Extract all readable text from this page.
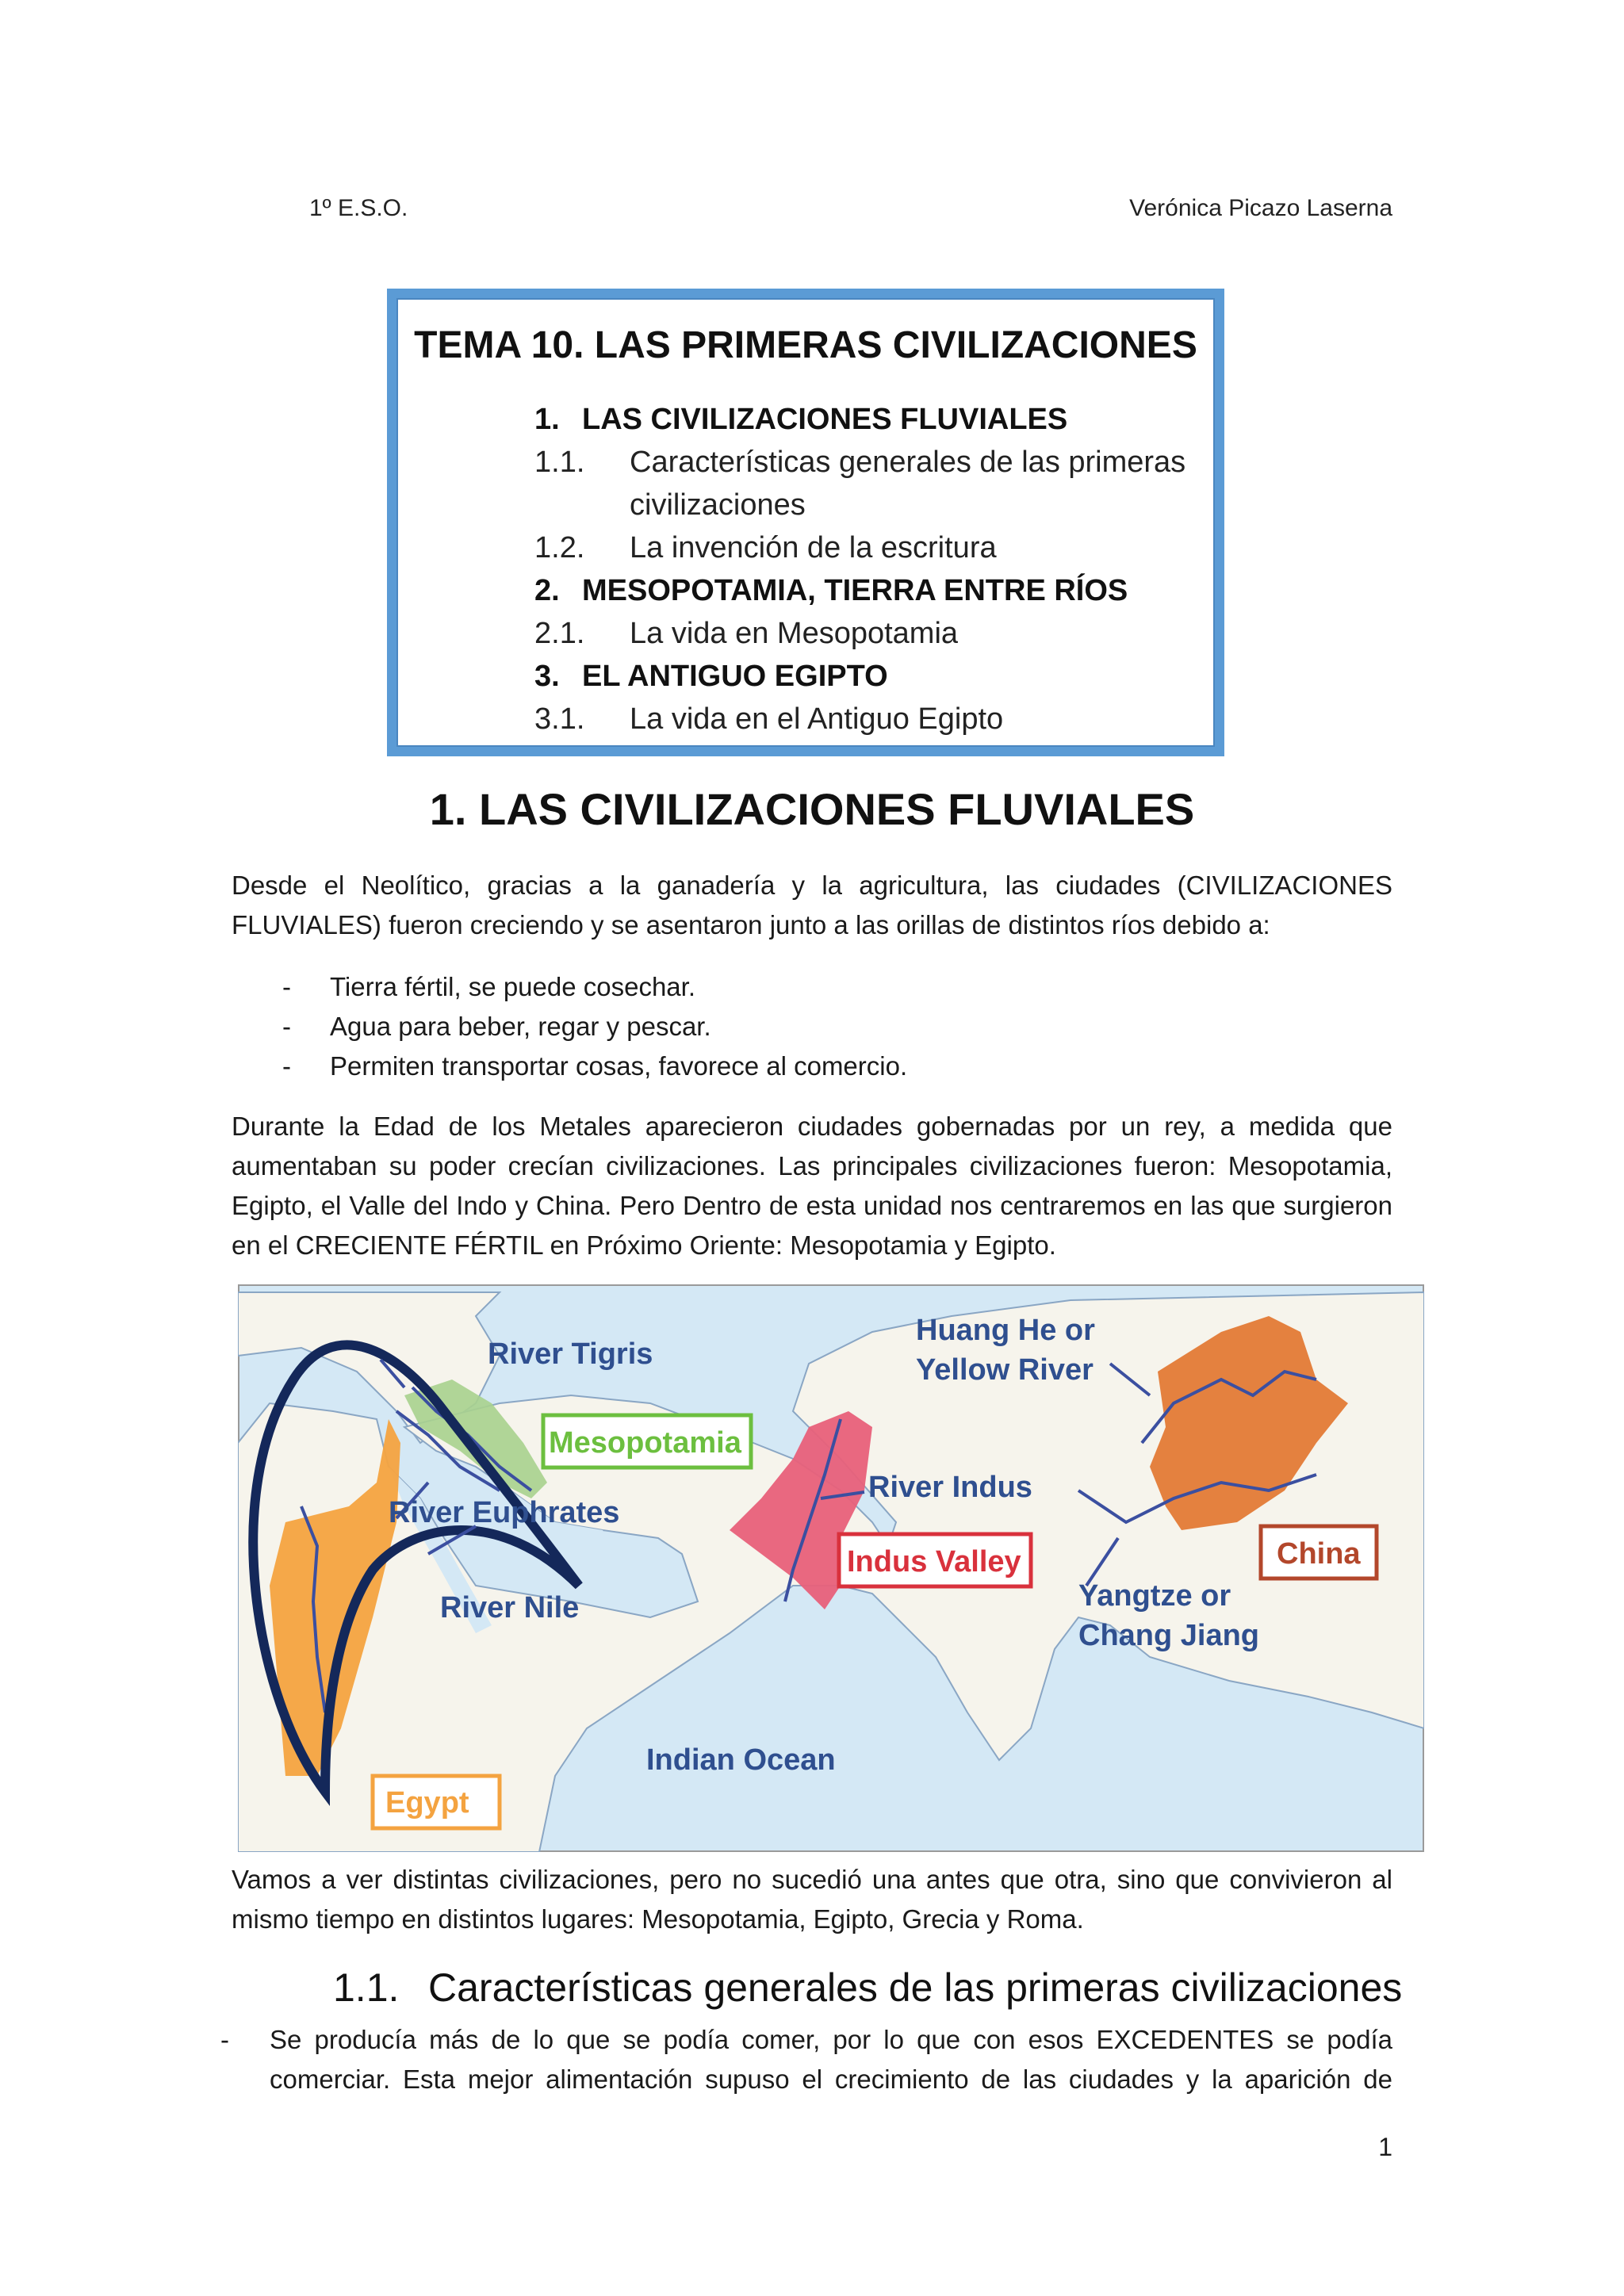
1º E.S.O.	Verónica Picazo Laserna
TEMA 10. LAS PRIMERAS CIVILIZACIONES
1. LAS CIVILIZACIONES FLUVIALES
1.1. Características generales de las primeras
civilizaciones
1.2. La invención de la escritura
2. MESOPOTAMIA, TIERRA ENTRE RÍOS
2.1. La vida en Mesopotamia
3. EL ANTIGUO EGIPTO
3.1. La vida en el Antiguo Egipto
1. LAS CIVILIZACIONES FLUVIALES
Desde el Neolítico, gracias a la ganadería y la agricultura, las ciudades (CIVILIZACIONES FLUVIALES) fueron creciendo y se asentaron junto a las orillas de distintos ríos debido a:
- Tierra fértil, se puede cosechar.
- Agua para beber, regar y pescar.
- Permiten transportar cosas, favorece al comercio.
Durante la Edad de los Metales aparecieron ciudades gobernadas por un rey, a medida que aumentaban su poder crecían civilizaciones. Las principales civilizaciones fueron: Mesopotamia, Egipto, el Valle del Indo y China. Pero Dentro de esta unidad nos centraremos en las que surgieron en el CRECIENTE FÉRTIL en Próximo Oriente: Mesopotamia y Egipto.
River Tigris
Mesopotamia
River Euphrates
River Nile
Egypt
Indian Ocean
River Indus
Indus Valley
Huang He or
Yellow River
Yangtze or
Chang Jiang
China
Vamos a ver distintas civilizaciones, pero no sucedió una antes que otra, sino que convivieron al mismo tiempo en distintos lugares: Mesopotamia, Egipto, Grecia y Roma.
1.1. Características generales de las primeras civilizaciones
- Se producía más de lo que se podía comer, por lo que con esos EXCEDENTES se podía comerciar. Esta mejor alimentación supuso el crecimiento de las ciudades y la aparición de
1
